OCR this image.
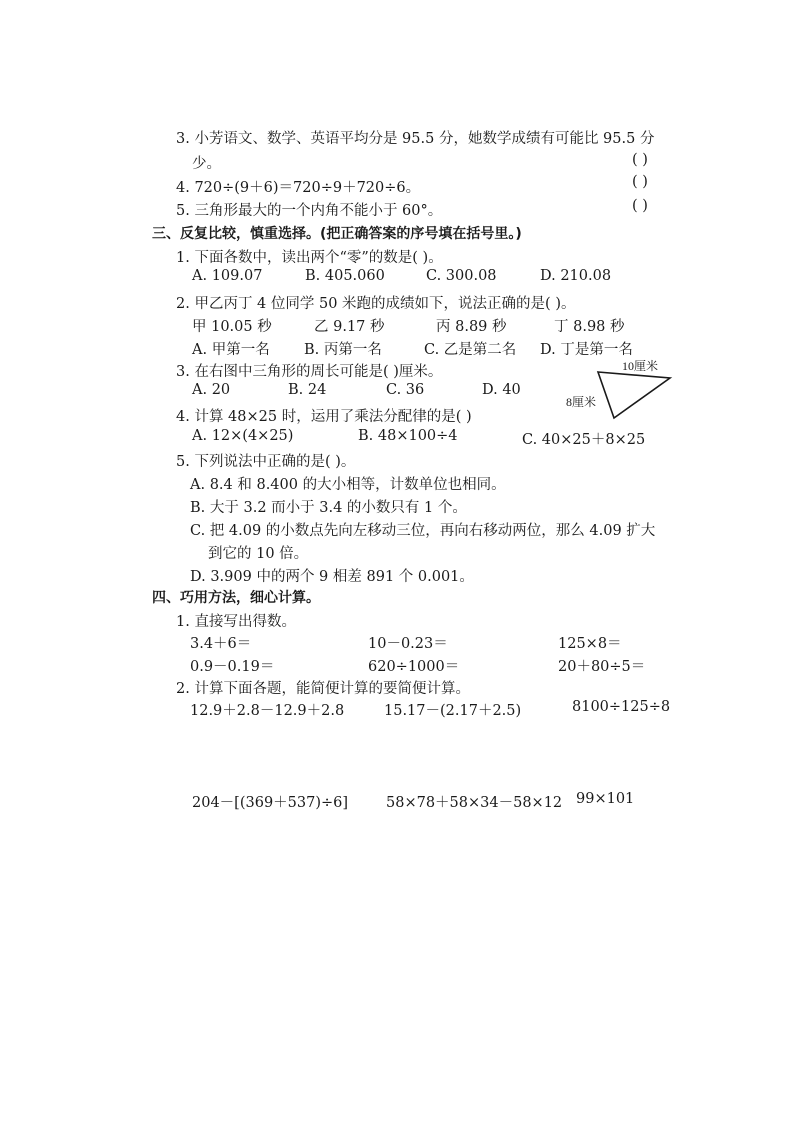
3. 小芳语文、数学、英语平均分是 95.5 分，她数学成绩有可能比 95.5 分
少。	( )
4. 720÷(9＋6)＝720÷9＋720÷6。	( )
5. 三角形最大的一个内角不能小于 60°。	( )
三、反复比较，慎重选择。(把正确答案的序号填在括号里。)
1. 下面各数中，读出两个“零”的数是( )。
A. 109.07	B. 405.060	C. 300.08	D. 210.08
2. 甲乙丙丁 4 位同学 50 米跑的成绩如下，说法正确的是( )。
甲 10.05 秒	乙 9.17 秒	丙 8.89 秒	丁 8.98 秒
A. 甲第一名 B. 丙第一名	C. 乙是第二名 D. 丁是第一名
3. 在右图中三角形的周长可能是( )厘米。
A. 20	B. 24	C. 36	D. 40
10厘米
8厘米
4. 计算 48×25 时，运用了乘法分配律的是( )
A. 12×(4×25)	B. 48×100÷4	C. 40×25＋8×25
5. 下列说法中正确的是( )。
A. 8.4 和 8.400 的大小相等，计数单位也相同。
B. 大于 3.2 而小于 3.4 的小数只有 1 个。
C. 把 4.09 的小数点先向左移动三位，再向右移动两位，那么 4.09 扩大
到它的 10 倍。
D. 3.909 中的两个 9 相差 891 个 0.001。
四、巧用方法，细心计算。
1. 直接写出得数。
3.4＋6＝	10－0.23＝	125×8＝
0.9－0.19＝	620÷1000＝	20＋80÷5＝
2. 计算下面各题，能简便计算的要简便计算。
12.9＋2.8－12.9＋2.8	15.17－(2.17＋2.5)	8100÷125÷8
204－[(369＋537)÷6]	58×78＋58×34－58×12 99×101
